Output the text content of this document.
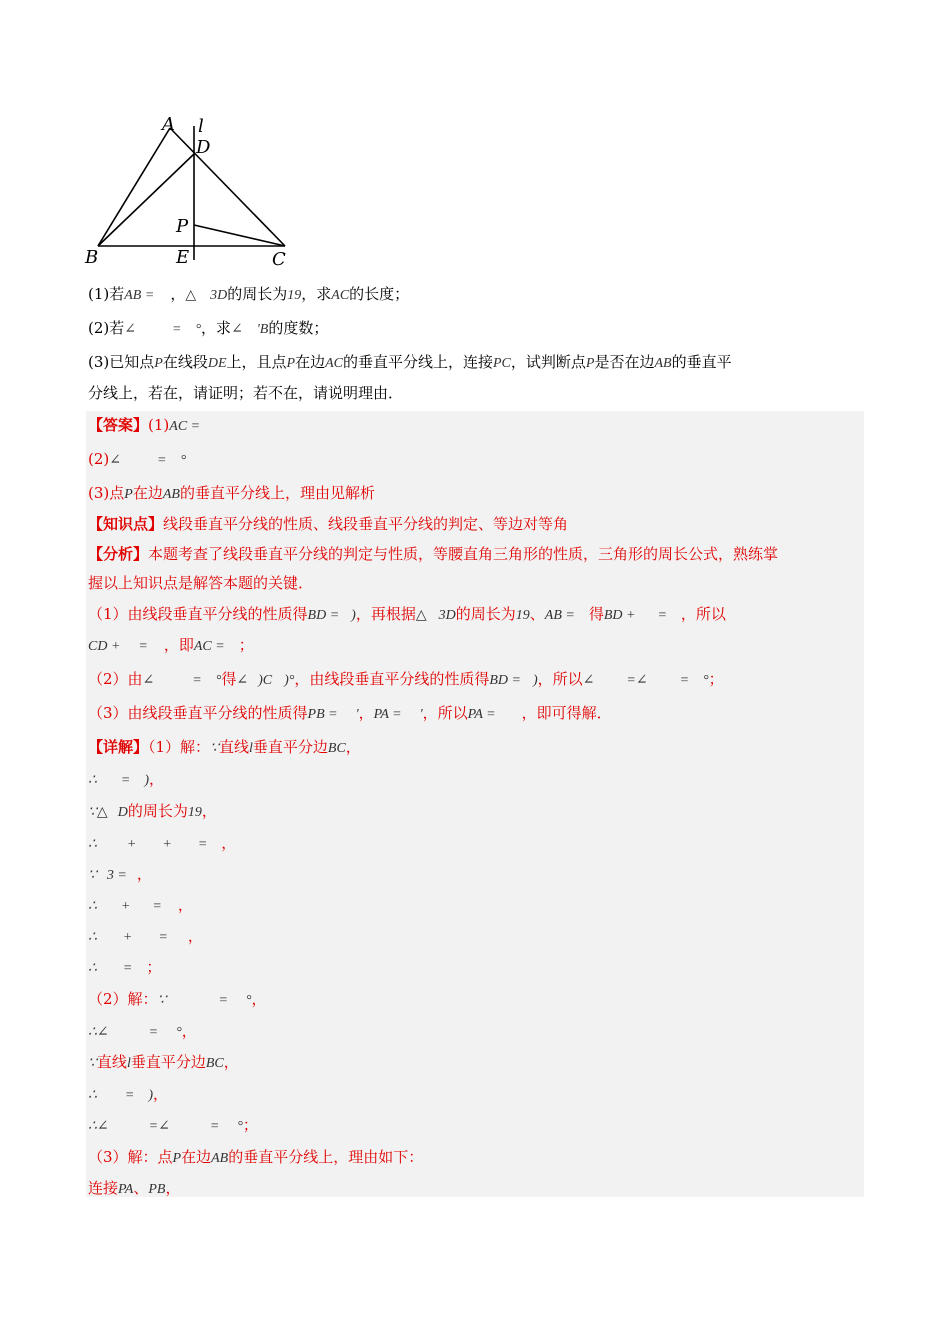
A l
D
P
B	E	C
(1)若AB = ，△ 3D的周长为19，求AC的长度；
(2)若∠	= °，求∠ 'B的度数；
(3)已知点P在线段DE上，且点P在边AC的垂直平分线上，连接PC，试判断点P是否在边AB的垂直平
分线上，若在，请证明；若不在，请说明理由．
【答案】(1)AC =
(2)∠	= °
(3)点P在边AB的垂直平分线上，理由见解析
【知识点】线段垂直平分线的性质、线段垂直平分线的判定、等边对等角
【分析】本题考查了线段垂直平分线的判定与性质，等腰直角三角形的性质，三角形的周长公式，熟练掌
握以上知识点是解答本题的关键．
（1）由线段垂直平分线的性质得BD = )，再根据△ 3D的周长为19、AB = 得BD + = ，所以
CD + = ，即AC = ；
（2）由∠	= °得∠ )C )°，由线段垂直平分线的性质得BD = )，所以∠ =∠ = °；
（3）由线段垂直平分线的性质得PB = '，PA = '，所以PA = ，即可得解．
【详解】（1）解：∵直线l垂直平分边BC，
∴ = )，
∵△ D的周长为19，
∴ + + = ，
∵ 3 = ，
∴ + = ，
∴ + = ，
∴ = ；
（2）解：∵	= °，
∴∠	= °，
∵直线l垂直平分边BC，
∴ = )，
∴∠	=∠	= °；
（3）解：点P在边AB的垂直平分线上，理由如下：
连接PA、PB，
